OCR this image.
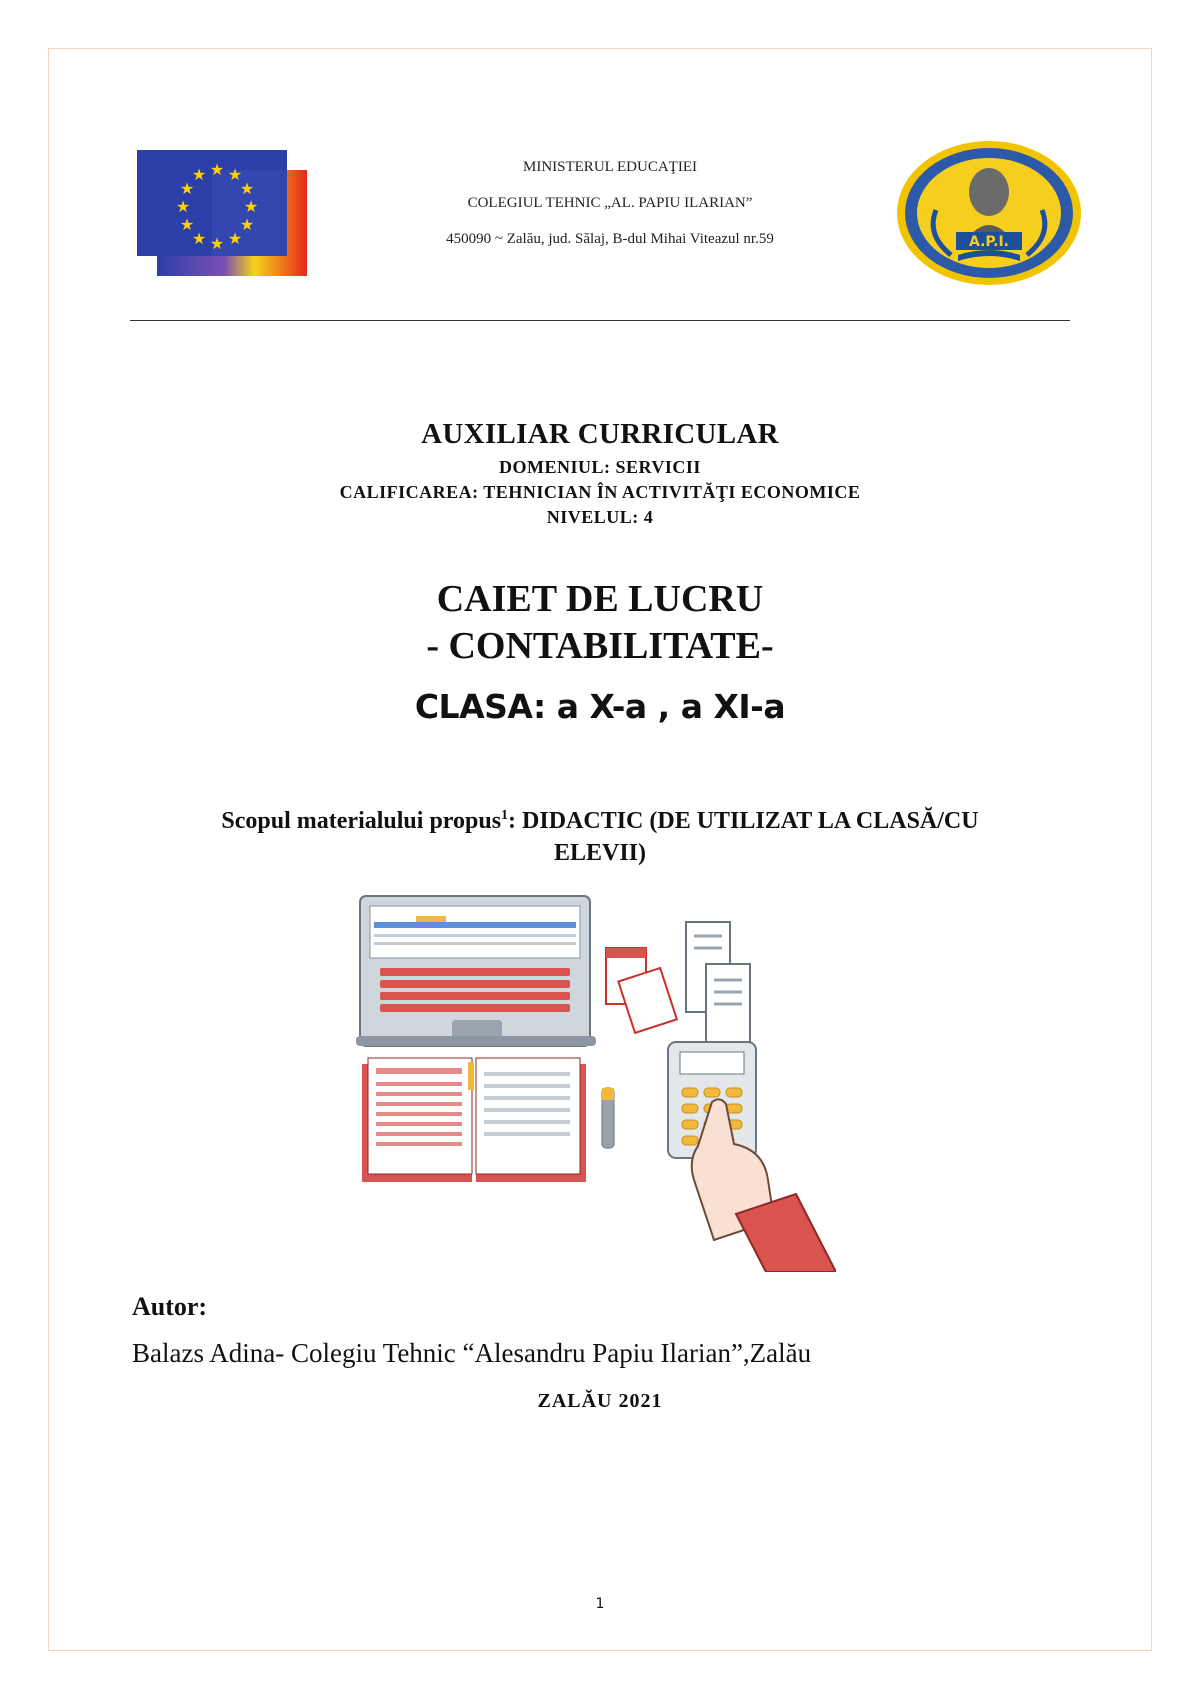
★ ★
★
★
★
★
★
★
★
★
★
★	MINISTERUL EDUCAŢIEI
COLEGIUL TEHNIC „AL. PAPIU ILARIAN”
450090 ~ Zalău, jud. Sălaj, B-dul Mihai Viteazul nr.59	A.P.I.
AUXILIAR CURRICULAR
DOMENIUL: SERVICII
CALIFICAREA: TEHNICIAN ÎN ACTIVITĂŢI ECONOMICE
NIVELUL: 4
CAIET DE LUCRU
- CONTABILITATE-
CLASA: a X-a , a XI-a
Scopul materialului propus$^1$: DIDACTIC (DE UTILIZAT LA CLASĂ/CU
ELEVII)
Autor:
Balazs Adina- Colegiu Tehnic “Alesandru Papiu Ilarian”,Zalău
ZALĂU 2021
1
